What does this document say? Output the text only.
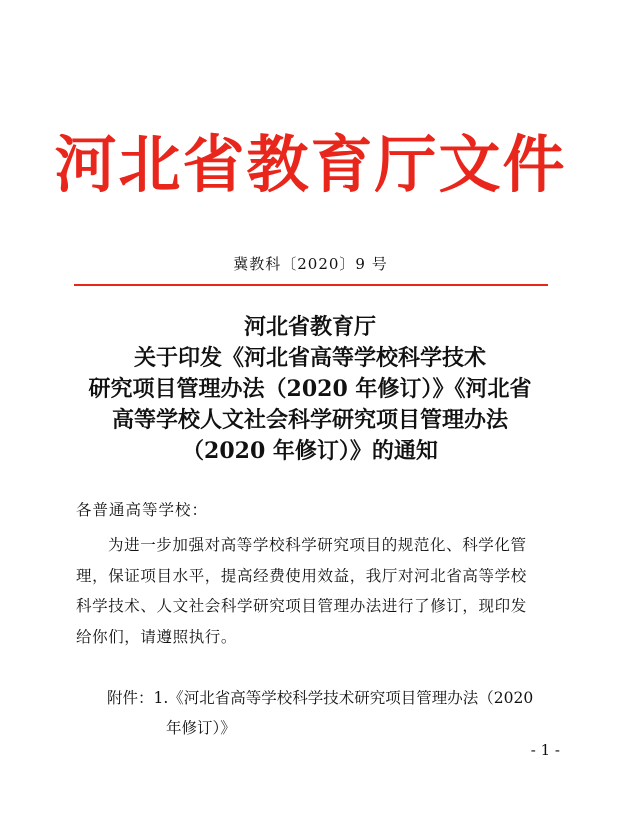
河北省教育厅文件
冀教科〔2020〕9 号
河北省教育厅
关于印发《河北省高等学校科学技术
研究项目管理办法（2020 年修订）》《河北省
高等学校人文社会科学研究项目管理办法
（2020 年修订）》的通知
各普通高等学校：
为进一步加强对高等学校科学研究项目的规范化、科学化管
理，保证项目水平，提高经费使用效益，我厅对河北省高等学校
科学技术、人文社会科学研究项目管理办法进行了修订，现印发
给你们，请遵照执行。
附件：1.《河北省高等学校科学技术研究项目管理办法（2020
年修订）》
- 1 -
